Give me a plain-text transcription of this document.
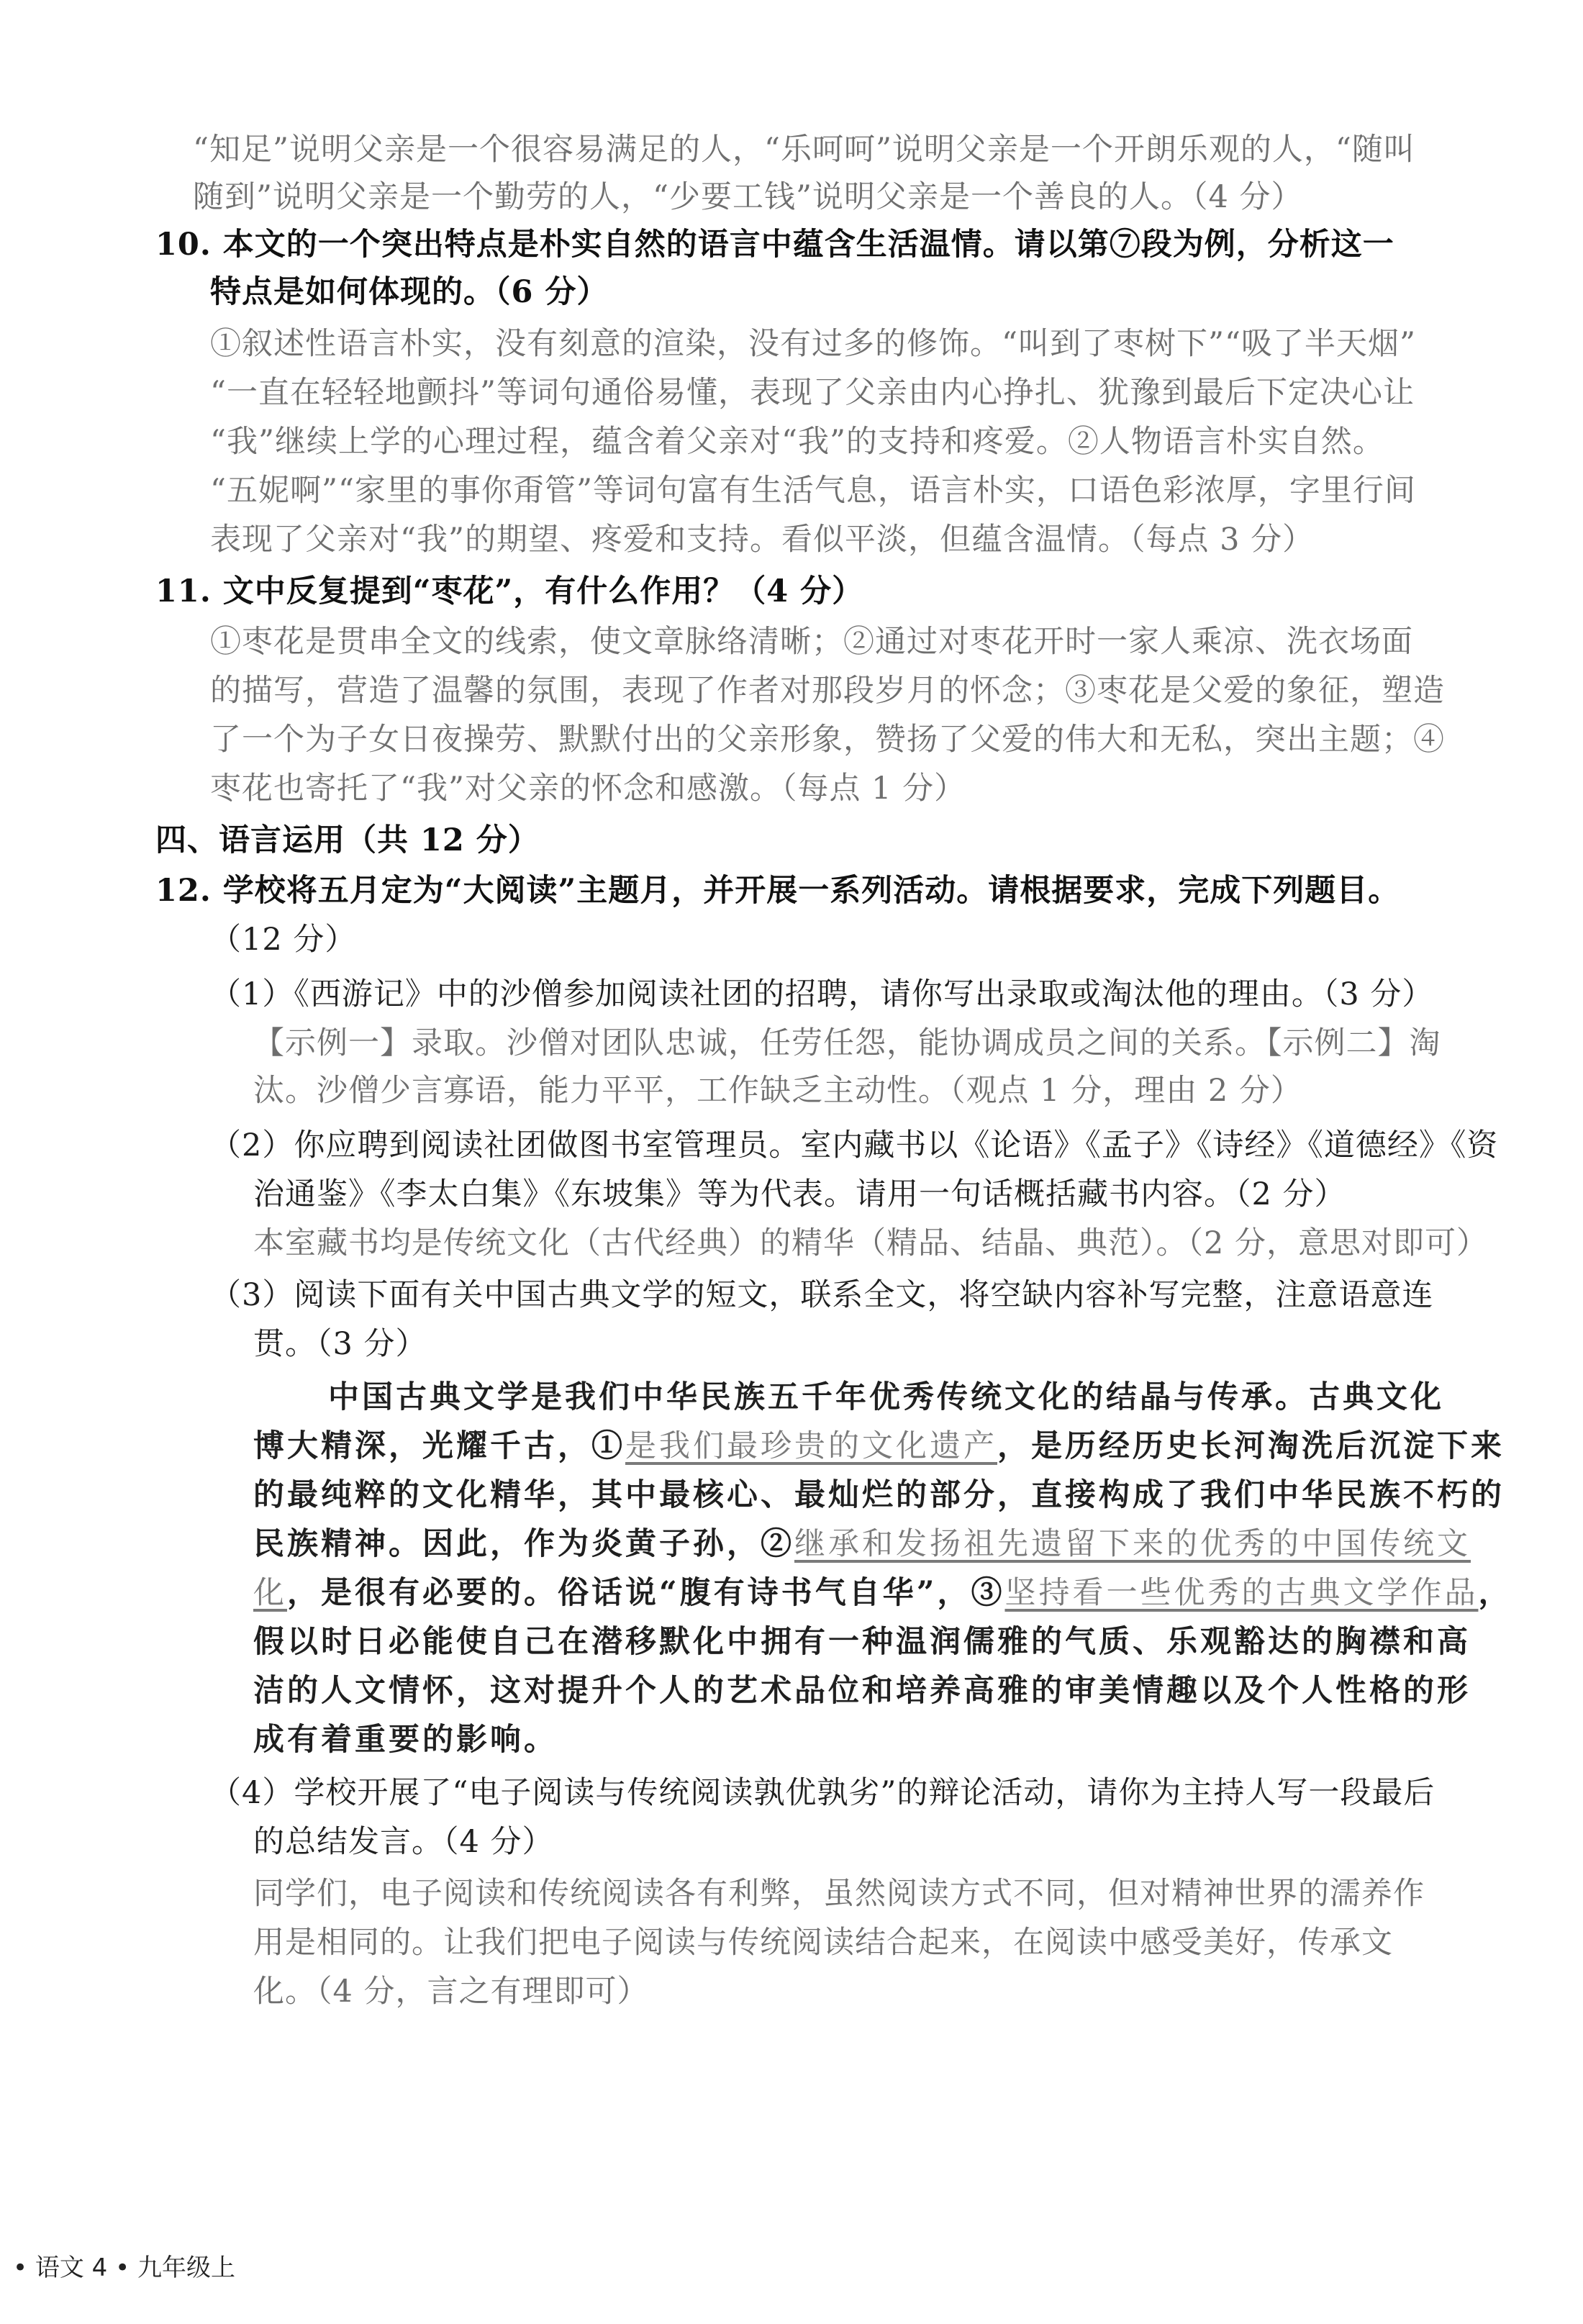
“知足”说明父亲是一个很容易满足的人，“乐呵呵”说明父亲是一个开朗乐观的人，“随叫
随到”说明父亲是一个勤劳的人，“少要工钱”说明父亲是一个善良的人。（4 分）
10. 本文的一个突出特点是朴实自然的语言中蕴含生活温情。请以第⑦段为例，分析这一
特点是如何体现的。（6 分）
①叙述性语言朴实，没有刻意的渲染，没有过多的修饰。“叫到了枣树下”“吸了半天烟”
“一直在轻轻地颤抖”等词句通俗易懂，表现了父亲由内心挣扎、犹豫到最后下定决心让
“我”继续上学的心理过程，蕴含着父亲对“我”的支持和疼爱。②人物语言朴实自然。
“五妮啊”“家里的事你甭管”等词句富有生活气息，语言朴实，口语色彩浓厚，字里行间
表现了父亲对“我”的期望、疼爱和支持。看似平淡，但蕴含温情。（每点 3 分）
11. 文中反复提到“枣花”，有什么作用？（4 分）
①枣花是贯串全文的线索，使文章脉络清晰；②通过对枣花开时一家人乘凉、洗衣场面
的描写，营造了温馨的氛围，表现了作者对那段岁月的怀念；③枣花是父爱的象征，塑造
了一个为子女日夜操劳、默默付出的父亲形象，赞扬了父爱的伟大和无私，突出主题；④
枣花也寄托了“我”对父亲的怀念和感激。（每点 1 分）
四、语言运用（共 12 分）
12. 学校将五月定为“大阅读”主题月，并开展一系列活动。请根据要求，完成下列题目。
（12 分）
（1）《西游记》中的沙僧参加阅读社团的招聘，请你写出录取或淘汰他的理由。（3 分）
【示例一】录取。沙僧对团队忠诚，任劳任怨，能协调成员之间的关系。【示例二】淘
汰。沙僧少言寡语，能力平平，工作缺乏主动性。（观点 1 分，理由 2 分）
（2）你应聘到阅读社团做图书室管理员。室内藏书以《论语》《孟子》《诗经》《道德经》《资
治通鉴》《李太白集》《东坡集》等为代表。请用一句话概括藏书内容。（2 分）
本室藏书均是传统文化（古代经典）的精华（精品、结晶、典范）。（2 分，意思对即可）
（3）阅读下面有关中国古典文学的短文，联系全文，将空缺内容补写完整，注意语意连
贯。（3 分）
中国古典文学是我们中华民族五千年优秀传统文化的结晶与传承。古典文化
博大精深，光耀千古，①是我们最珍贵的文化遗产，是历经历史长河淘洗后沉淀下来
的最纯粹的文化精华，其中最核心、最灿烂的部分，直接构成了我们中华民族不朽的
民族精神。因此，作为炎黄子孙，②继承和发扬祖先遗留下来的优秀的中国传统文
化，是很有必要的。俗话说“腹有诗书气自华”，③坚持看一些优秀的古典文学作品，
假以时日必能使自己在潜移默化中拥有一种温润儒雅的气质、乐观豁达的胸襟和高
洁的人文情怀，这对提升个人的艺术品位和培养高雅的审美情趣以及个人性格的形
成有着重要的影响。
（4）学校开展了“电子阅读与传统阅读孰优孰劣”的辩论活动，请你为主持人写一段最后
的总结发言。（4 分）
同学们，电子阅读和传统阅读各有利弊，虽然阅读方式不同，但对精神世界的濡养作
用是相同的。让我们把电子阅读与传统阅读结合起来，在阅读中感受美好，传承文
化。（4 分，言之有理即可）
• 语文 4 • 九年级上
